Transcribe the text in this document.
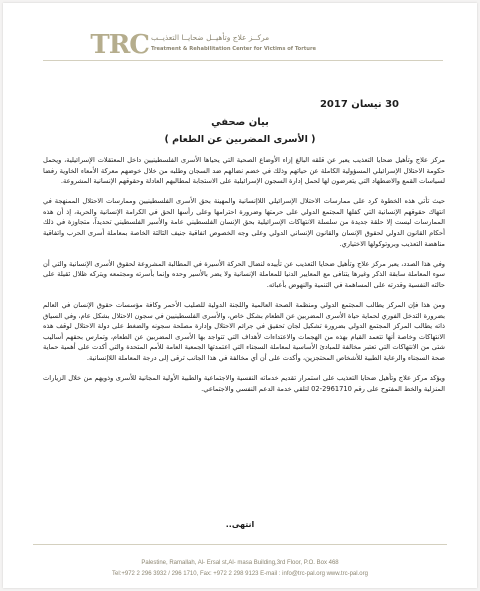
TRC مركــز علاج وتأهيــل ضحايــا التعذيــب
Treatment & Rehabilitation Center for Victims of Torture
30 نيسان 2017
بيان صحفي
( الأسرى المضربين عن الطعام )

مركز علاج وتأهيل ضحايا التعذيب يعبر عن قلقه البالغ إزاء الأوضاع الصحية التي يحياها الأسرى الفلسطينيين داخل المعتقلات الإسرائيلية، ويحمل حكومة الاحتلال الإسرائيلي المسؤولية الكاملة عن حياتهم وذلك في خضم نضالهم ضد السجان وطلبه من خلال خوضهم معركة الأمعاء الخاوية رفضا لسياسات القمع والاضطهاد التي يتعرضون لها لحمل إدارة السجون الإسرائيلية على الاستجابة لمطالبهم العادلة وحقوقهم الإنسانية المشروعة.

حيث تأتي هذه الخطوة كرد على ممارسات الاحتلال الإسرائيلي اللاإنسانية والمهينة بحق الأسرى الفلسطينيين وممارسات الاحتلال الممنهجة في انتهاك حقوقهم الإنسانية التي كفلها المجتمع الدولي على حرمتها وضرورة احترامها وعلى رأسها الحق في الكرامة الإنسانية والحرية، إذ أن هذه الممارسات ليست إلا حلقة جديدة من سلسلة الانتهاكات الإسرائيلية بحق الإنسان الفلسطيني عامة والأسير الفلسطيني تحديداً، متجاوزة في ذلك أحكام القانون الدولي لحقوق الإنسان والقانون الإنساني الدولي وعلى وجه الخصوص اتفاقية جنيف الثالثة الخاصة بمعاملة أسرى الحرب واتفاقية مناهضة التعذيب وبروتوكولها الاختياري.

وفي هذا الصدد، يعبر مركز علاج وتأهيل ضحايا التعذيب عن تأييده لنضال الحركة الأسيرة في المطالبة المشروعة لحقوق الأسرى الإنسانية والتي أن سوء المعاملة سابقة الذكر وغيرها يتنافى مع المعايير الدنيا للمعاملة الإنسانية ولا يضر بالأسير وحده وإنما بأسرته ومجتمعه ويتركه ظلال ثقيلة على حالته النفسية وقدرته على المساهمة في التنمية والنهوض بأعبائه.

ومن هذا فإن المركز يطالب المجتمع الدولي ومنظمة الصحة العالمية واللجنة الدولية للصليب الأحمر وكافة مؤسسات حقوق الإنسان في العالم بضرورة التدخل الفوري لحماية حياة الأسرى المضربين عن الطعام بشكل خاص، والأسرى الفلسطينيين في سجون الاحتلال بشكل عام، وفي السياق ذاته يطالب المركز المجتمع الدولي بضرورة تشكيل لجان تحقيق في جرائم الاحتلال وإدارة مصلحة سجونه والضغط على دولة الاحتلال لوقف هذه الانتهاكات وخاصة أنها تتعمد القيام بهذه من الهجمات والاعتداءات لأهداف التي تتواجد بها الأسرى المضربين عن الطعام، وتمارس بحقهم أساليب شتى من الانتهاكات التي تعتبر مخالفة للمبادئ الأساسية لمعاملة السجناء التي اعتمدتها الجمعية العامة للأمم المتحدة والتي أكدت على أهمية حماية صحة السجناء والرعاية الطبية للأشخاص المحتجزين، وأكدت على أن أي مخالفة في هذا الجانب ترقى إلى درجة المعاملة اللاإنسانية.

ويؤكد مركز علاج وتأهيل ضحايا التعذيب على استمرار تقديم خدماته النفسية والاجتماعية والطبية الأولية المجانية للأسرى وذويهم من خلال الزيارات المنزلية والخط المفتوح على رقم 2961710-02 لتلقي خدمة الدعم النفسي والاجتماعي.

انتهى..
Palestine, Ramallah, Al- Ersal st,Al- masa Building,3rd Floor, P.O. Box 468
Tel:+972 2 296 3932 / 296 1710, Fax: +972 2 298 9123 E-mail : info@trc-pal.org www.trc-pal.org
